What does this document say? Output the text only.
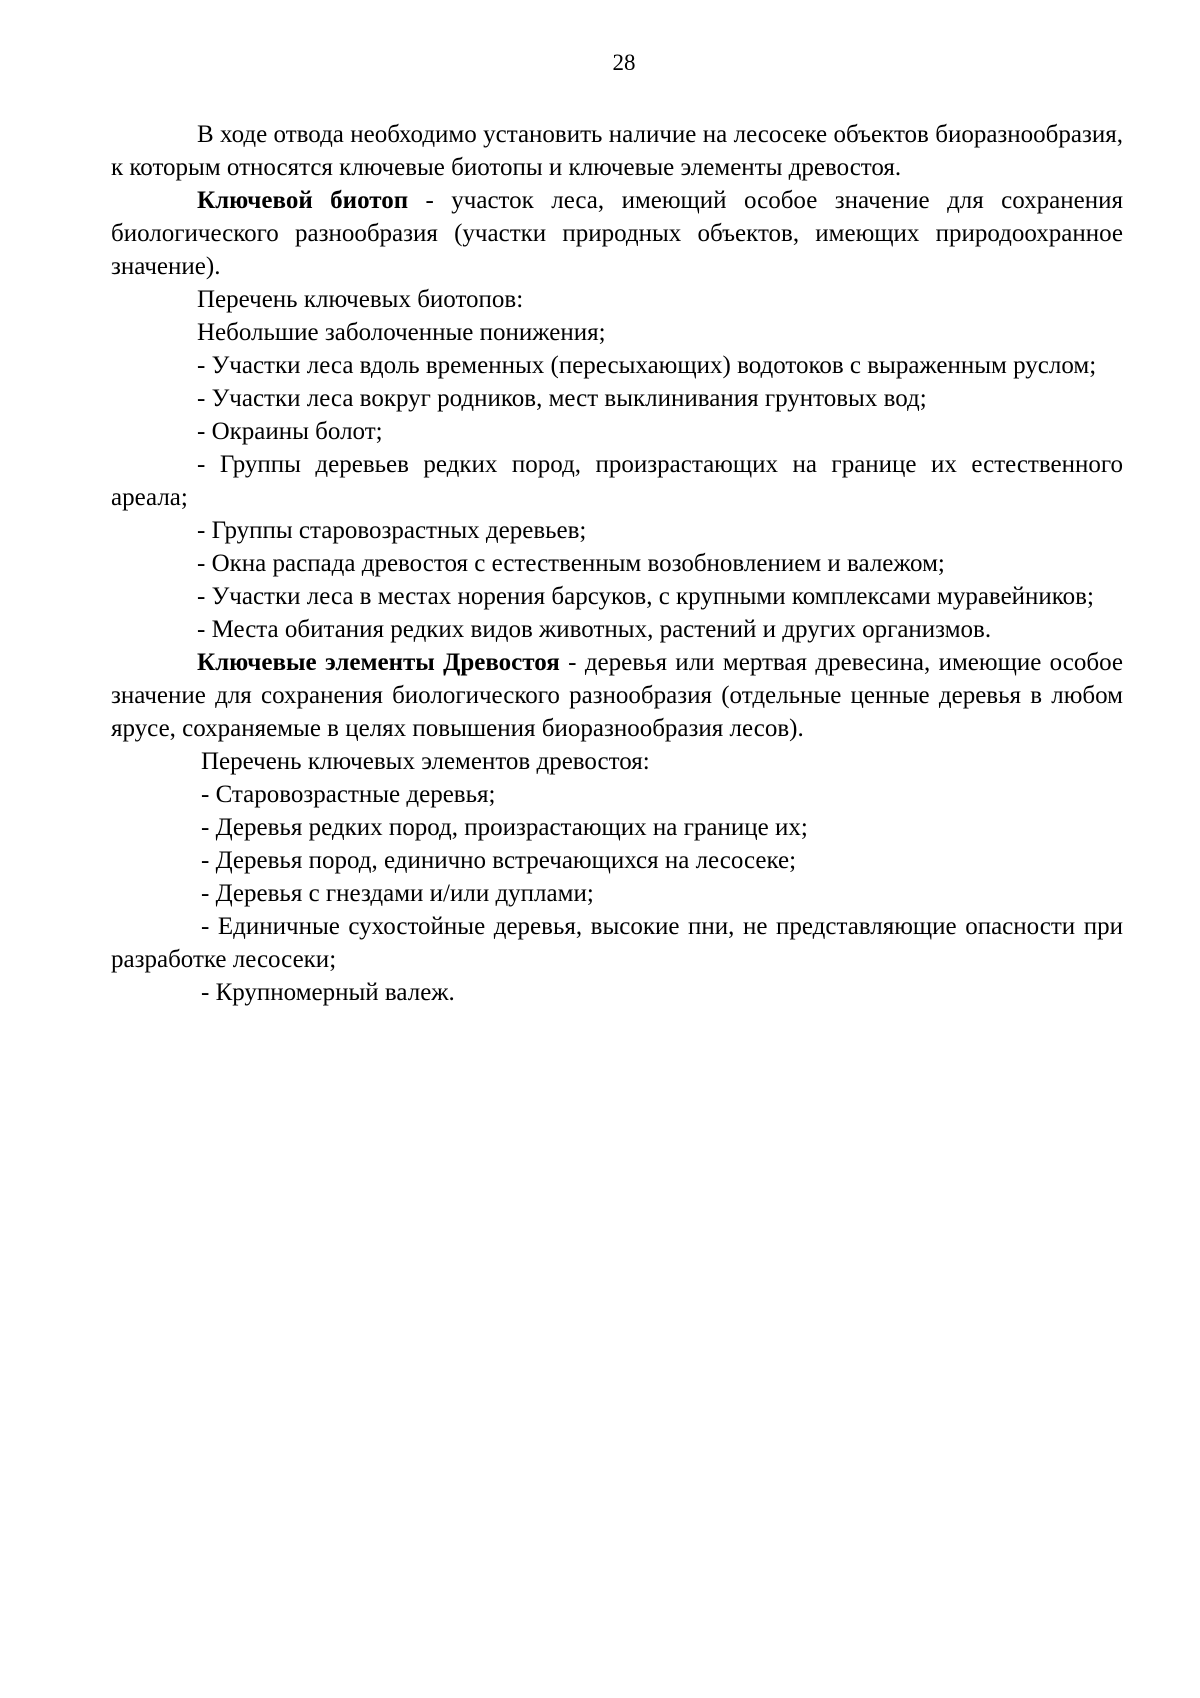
28

В ходе отвода необходимо установить наличие на лесосеке объектов биоразнообразия, к которым относятся ключевые биотопы и ключевые элементы древостоя.

Ключевой биотоп - участок леса, имеющий особое значение для сохранения биологического разнообразия (участки природных объектов, имеющих природоохранное значение).

Перечень ключевых биотопов:

Небольшие заболоченные понижения;

- Участки леса вдоль временных (пересыхающих) водотоков с выраженным руслом;

- Участки леса вокруг родников, мест выклинивания грунтовых вод;

- Окраины болот;

- Группы деревьев редких пород, произрастающих на границе их естественного ареала;

- Группы старовозрастных деревьев;

- Окна распада древостоя с естественным возобновлением и валежом;

- Участки леса в местах норения барсуков, с крупными комплексами муравейников;

- Места обитания редких видов животных, растений и других организмов.

Ключевые элементы Древостоя - деревья или мертвая древесина, имеющие особое значение для сохранения биологического разнообразия (отдельные ценные деревья в любом ярусе, сохраняемые в целях повышения биоразнообразия лесов).

Перечень ключевых элементов древостоя:

- Старовозрастные деревья;

- Деревья редких пород, произрастающих на границе их;

- Деревья пород, единично встречающихся на лесосеке;

- Деревья с гнездами и/или дуплами;

- Единичные сухостойные деревья, высокие пни, не представляющие опасности при разработке лесосеки;

- Крупномерный валеж.
